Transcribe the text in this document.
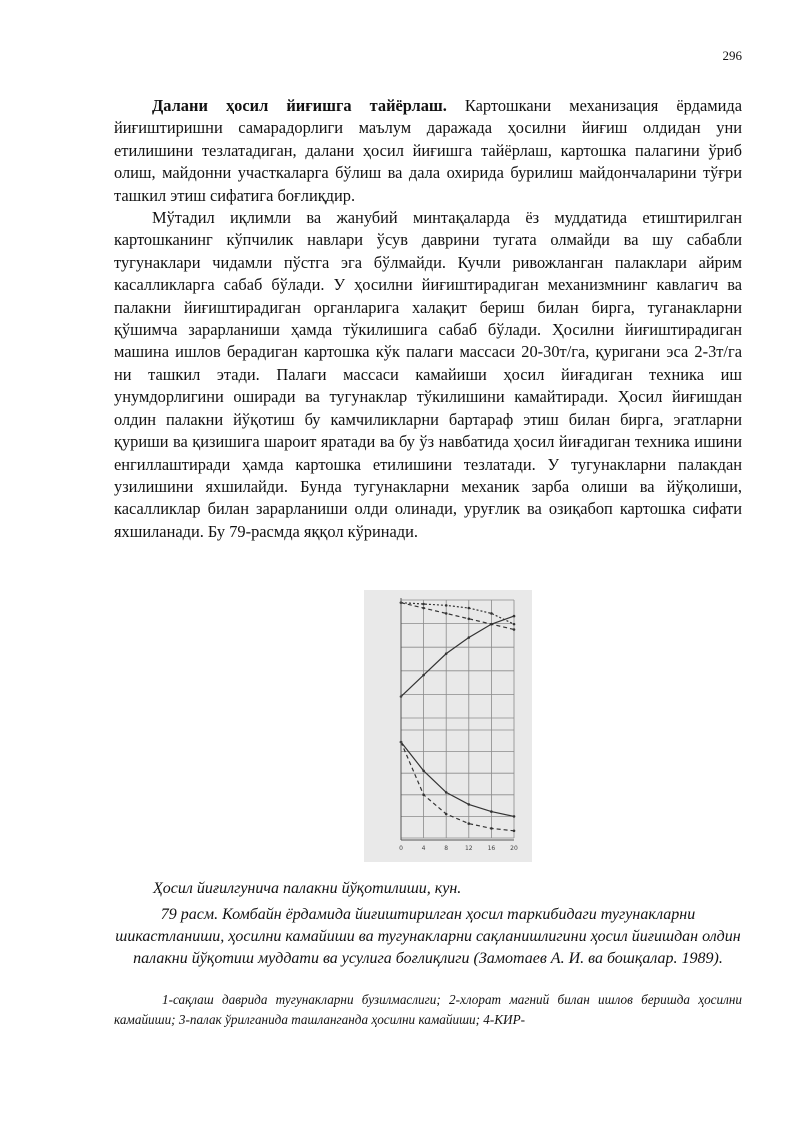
296

Далани ҳосил йиғишга тайёрлаш. Картошкани механизация ёрдамида йиғиштиришни самарадорлиги маълум даражада ҳосилни йиғиш олдидан уни етилишини тезлатадиган, далани ҳосил йиғишга тайёрлаш, картошка палагини ўриб олиш, майдонни участкаларга бўлиш ва дала охирида бурилиш майдончаларини тўғри ташкил этиш сифатига боғлиқдир.

Мўтадил иқлимли ва жанубий минтақаларда ёз муддатида етиштирилган картошканинг кўпчилик навлари ўсув даврини тугата олмайди ва шу сабабли тугунаклари чидамли пўстга эга бўлмайди. Кучли ривожланган палаклари айрим касалликларга сабаб бўлади. У ҳосилни йиғиштирадиган механизмнинг кавлагич ва палакни йиғиштирадиган органларига халақит бериш билан бирга, туганакларни қўшимча зарарланиши ҳамда тўкилишига сабаб бўлади. Ҳосилни йиғиштирадиган машина ишлов берадиган картошка кўк палаги массаси 20-30т/га, қуригани эса 2-3т/га ни ташкил этади. Палаги массаси камайиши ҳосил йиғадиган техника иш унумдорлигини оширади ва тугунаклар тўкилишини камайтиради. Ҳосил йиғишдан олдин палакни йўқотиш бу камчиликларни бартараф этиш билан бирга, эгатларни қуриши ва қизишига шароит яратади ва бу ўз навбатида ҳосил йиғадиган техника ишини енгиллаштиради ҳамда картошка етилишини тезлатади. У тугунакларни палакдан узилишини яхшилайди. Бунда тугунакларни механик зарба олиши ва йўқолиши, касалликлар билан зарарланиши олди олинади, уруғлик ва озиқабоп картошка сифати яхшиланади. Бу 79-расмда яққол кўринади.

0	4	8	12 16 20
Ҳосил йиғилгунича палакни йўқотилиши, кун.
79 расм. Комбайн ёрдамида йиғиштирилган ҳосил таркибидаги тугунакларни шикастланиши, ҳосилни камайиши ва тугунакларни сақланишлигини ҳосил йиғишдан олдин палакни йўқотиш муддати ва усулига боғлиқлиги (Замотаев А. И. ва бошқалар. 1989).
1-сақлаш даврида тугунакларни бузилмаслиги; 2-хлорат магний билан ишлов беришда ҳосилни камайиши; 3-палак ўрилганида ташланганда ҳосилни камайиши; 4-КИР-
